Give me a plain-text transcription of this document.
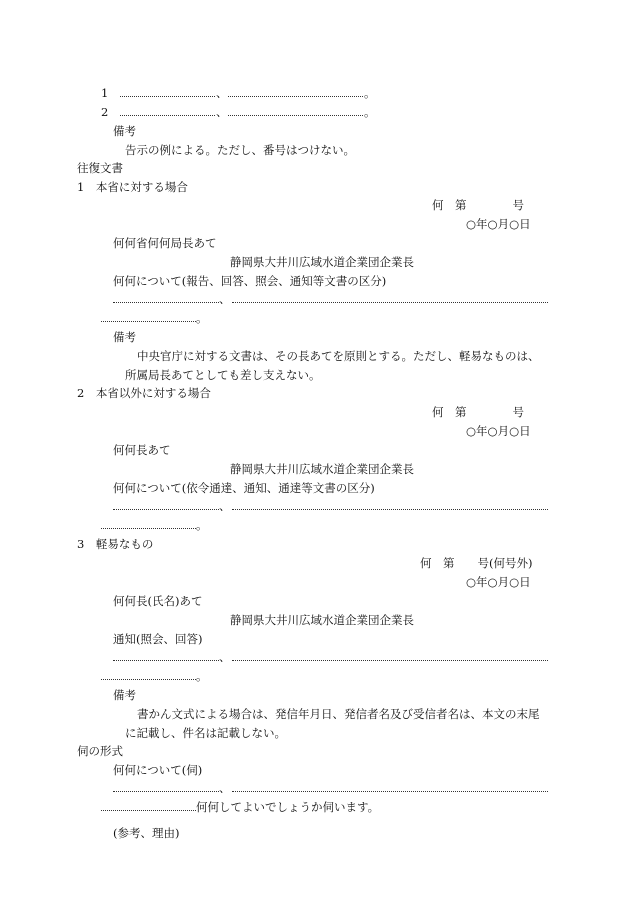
1	、	。
2	、	。
備考
告示の例による。ただし、番号はつけない。
往復文書
1　本省に対する場合
何　第　　　　号
○年○月○日
何何省何何局長あて
静岡県大井川広域水道企業団企業長
何何について(報告、回答、照会、通知等文書の区分)
、
。
備考
中央官庁に対する文書は、その長あてを原則とする。ただし、軽易なものは、
所属局長あてとしても差し支えない。
2　本省以外に対する場合
何　第　　　　号
○年○月○日
何何長あて
静岡県大井川広域水道企業団企業長
何何について(依令通達、通知、通達等文書の区分)
、
。
3　軽易なもの
何　第　　号(何号外)
○年○月○日
何何長(氏名)あて
静岡県大井川広域水道企業団企業長
通知(照会、回答)
、
。
備考
書かん文式による場合は、発信年月日、発信者名及び受信者名は、本文の末尾
に記載し、件名は記載しない。
伺の形式
何何について(伺)
、
何何してよいでしょうか伺います。
(参考、理由)
